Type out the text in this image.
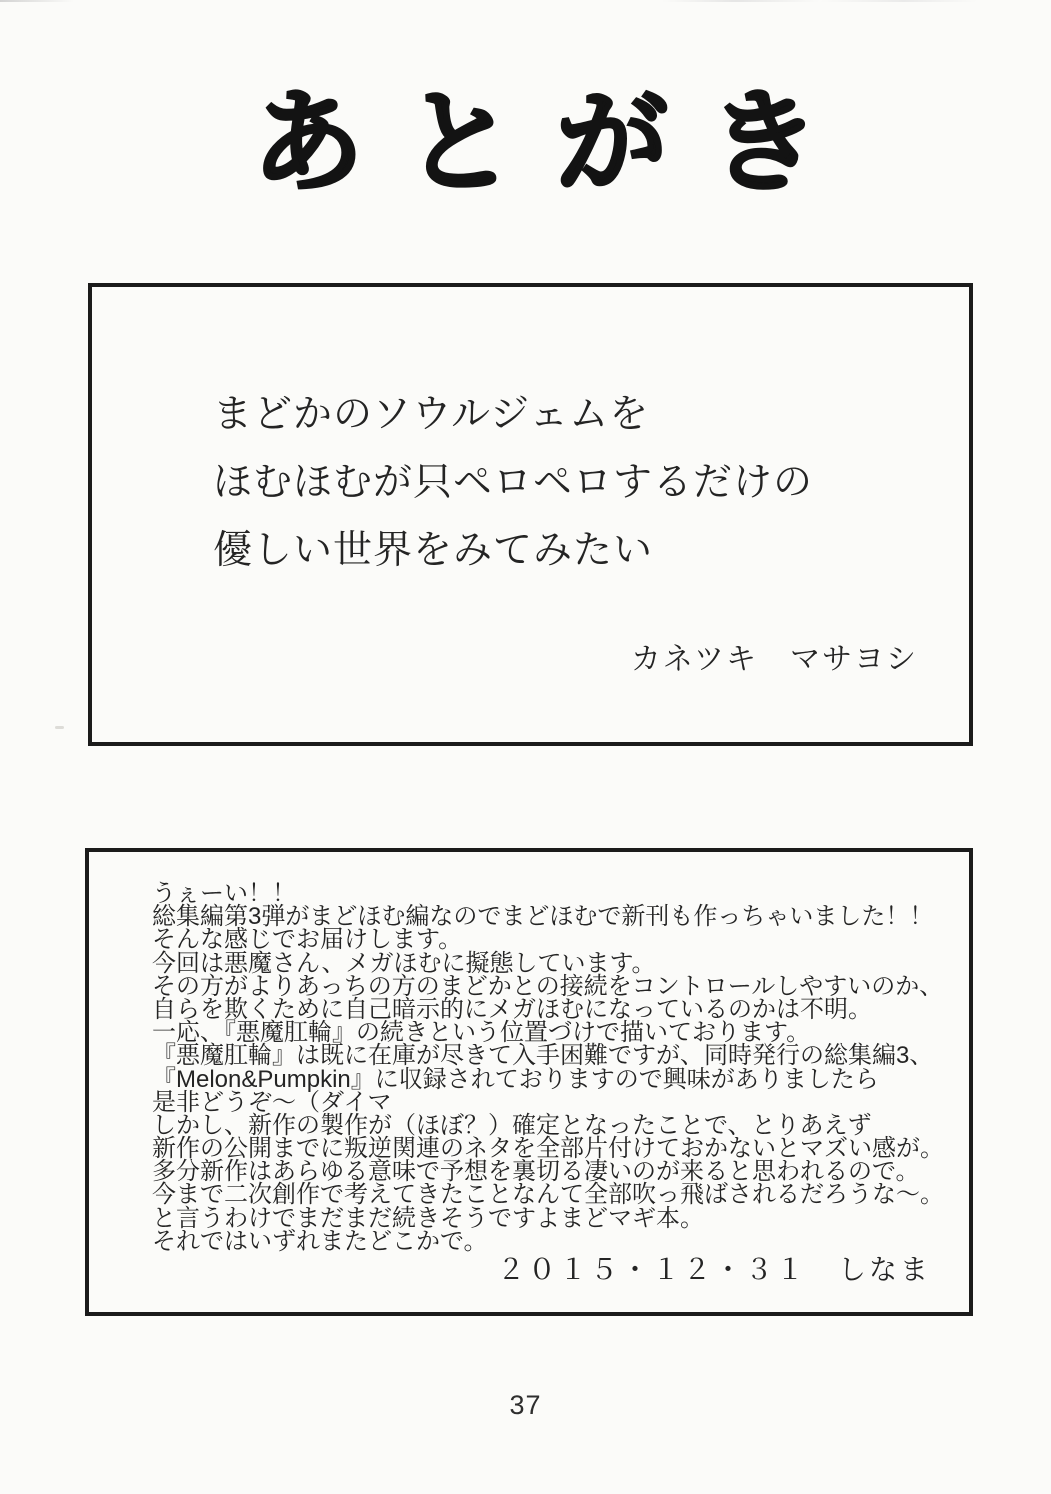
あとがき

まどかのソウルジェムを

ほむほむが只ペロペロするだけの

優しい世界をみてみたい

カネツキ　マサヨシ

うぇーい！！
総集編第3弾がまどほむ編なのでまどほむで新刊も作っちゃいました！！
そんな感じでお届けします。
今回は悪魔さん、メガほむに擬態しています。
その方がよりあっちの方のまどかとの接続をコントロールしやすいのか、
自らを欺くために自己暗示的にメガほむになっているのかは不明。
一応、『悪魔肛輪』の続きという位置づけで描いております。
『悪魔肛輪』は既に在庫が尽きて入手困難ですが、同時発行の総集編3、
『Melon&Pumpkin』に収録されておりますので興味がありましたら
是非どうぞ～（ダイマ
しかし、新作の製作が（ほぼ？）確定となったことで、とりあえず
新作の公開までに叛逆関連のネタを全部片付けておかないとマズい感が。
多分新作はあらゆる意味で予想を裏切る凄いのが来ると思われるので。
今まで二次創作で考えてきたことなんて全部吹っ飛ばされるだろうな～。
と言うわけでまだまだ続きそうですよまどマギ本。
それではいずれまたどこかで。

２０１５・１２・３１　しなま

37
